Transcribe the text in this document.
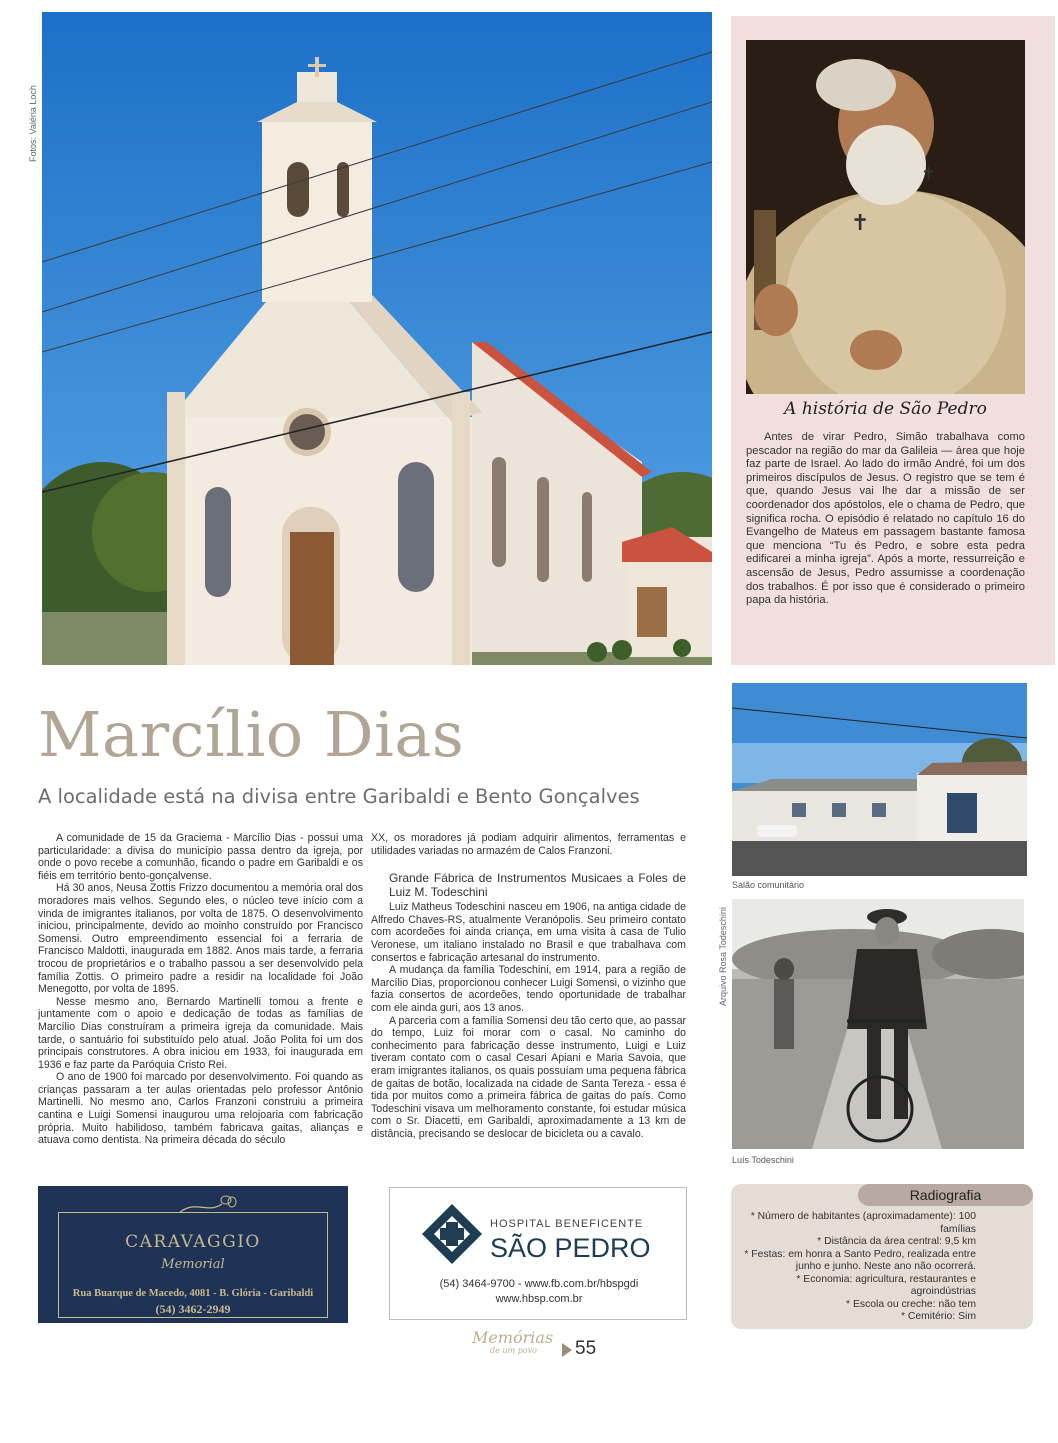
Fotos: Valéria Loch
✝
✝
A história de São Pedro

Antes de virar Pedro, Simão trabalhava como pescador na região do mar da Galileia — área que hoje faz parte de Israel. Ao lado do irmão André, foi um dos primeiros discípulos de Jesus. O registro que se tem é que, quando Jesus vai lhe dar a missão de ser coordenador dos apóstolos, ele o chama de Pedro, que significa rocha. O episódio é relatado no capítulo 16 do Evangelho de Mateus em passagem bastante famosa que menciona “Tu és Pedro, e sobre esta pedra edificarei a minha igreja”. Após a morte, ressurreição e ascensão de Jesus, Pedro assumisse a coordenação dos trabalhos. É por isso que é considerado o primeiro papa da história.

Marcílio Dias
A localidade está na divisa entre Garibaldi e Bento Gonçalves

A comunidade de 15 da Graciema - Marcílio Dias - possui uma particularidade: a divisa do município passa dentro da igreja, por onde o povo recebe a comunhão, ficando o padre em Garibaldi e os fiéis em território bento-gonçalvense.

Há 30 anos, Neusa Zottis Frizzo documentou a memória oral dos moradores mais velhos. Segundo eles, o núcleo teve início com a vinda de imigrantes italianos, por volta de 1875. O desenvolvimento iniciou, principalmente, devido ao moinho construído por Francisco Somensi. Outro empreendimento essencial foi a ferraria de Francisco Maldotti, inaugurada em 1882. Anos mais tarde, a ferraria trocou de proprietários e o trabalho passou a ser desenvolvido pela família Zottis. O primeiro padre a residir na localidade foi João Menegotto, por volta de 1895.

Nesse mesmo ano, Bernardo Martinelli tomou a frente e juntamente com o apoio e dedicação de todas as famílias de Marcílio Dias construíram a primeira igreja da comunidade. Mais tarde, o santuário foi substituído pelo atual. João Polita foi um dos principais construtores. A obra iniciou em 1933, foi inaugurada em 1936 e faz parte da Paróquia Cristo Rei.

O ano de 1900 foi marcado por desenvolvimento. Foi quando as crianças passaram a ter aulas orientadas pelo professor Antônio Martinelli. No mesmo ano, Carlos Franzoni construiu a primeira cantina e Luigi Somensi inaugurou uma relojoaria com fabricação própria. Muito habilidoso, também fabricava gaitas, alianças e atuava como dentista. Na primeira década do século

XX, os moradores já podiam adquirir alimentos, ferramentas e utilidades variadas no armazém de Calos Franzoni.

Grande Fábrica de Instrumentos Musicaes a Foles de Luiz M. Todeschini

Luiz Matheus Todeschini nasceu em 1906, na antiga cidade de Alfredo Chaves-RS, atualmente Veranópolis. Seu primeiro contato com acordeões foi ainda criança, em uma visita à casa de Tulio Veronese, um italiano instalado no Brasil e que trabalhava com consertos e fabricação artesanal do instrumento.

A mudança da família Todeschini, em 1914, para a região de Marcílio Dias, proporcionou conhecer Luigi Somensi, o vizinho que fazia consertos de acordeões, tendo oportunidade de trabalhar com ele ainda guri, aos 13 anos.

A parceria com a família Somensi deu tão certo que, ao passar do tempo, Luiz foi morar com o casal. No caminho do conhecimento para fabricação desse instrumento, Luigi e Luiz tiveram contato com o casal Cesari Apiani e Maria Savoia, que eram imigrantes italianos, os quais possuíam uma pequena fábrica de gaitas de botão, localizada na cidade de Santa Tereza - essa é tida por muitos como a primeira fábrica de gaitas do país. Como Todeschini visava um melhoramento constante, foi estudar música com o Sr. Diacetti, em Garibaldi, aproximadamente a 13 km de distância, precisando se deslocar de bicicleta ou a cavalo.

Salão comunitário
Arquivo Rosa Todeschini
Luís Todeschini
CARAVAGGIO
Memorial
Rua Buarque de Macedo, 4081 - B. Glória - Garibaldi
(54) 3462-2949
HOSPITAL BENEFICENTE
SÃO PEDRO
(54) 3464-9700 - www.fb.com.br/hbspgdi
www.hbsp.com.br
Radiografia
* Número de habitantes (aproximadamente): 100 famílias
* Distância da área central: 9,5 km
* Festas: em honra a Santo Pedro, realizada entre junho e junho. Neste ano não ocorrerá.
* Economia: agricultura, restaurantes e agroindústrias
* Escola ou creche: não tem
* Cemitério: Sim
Memórias
de um povo	55
